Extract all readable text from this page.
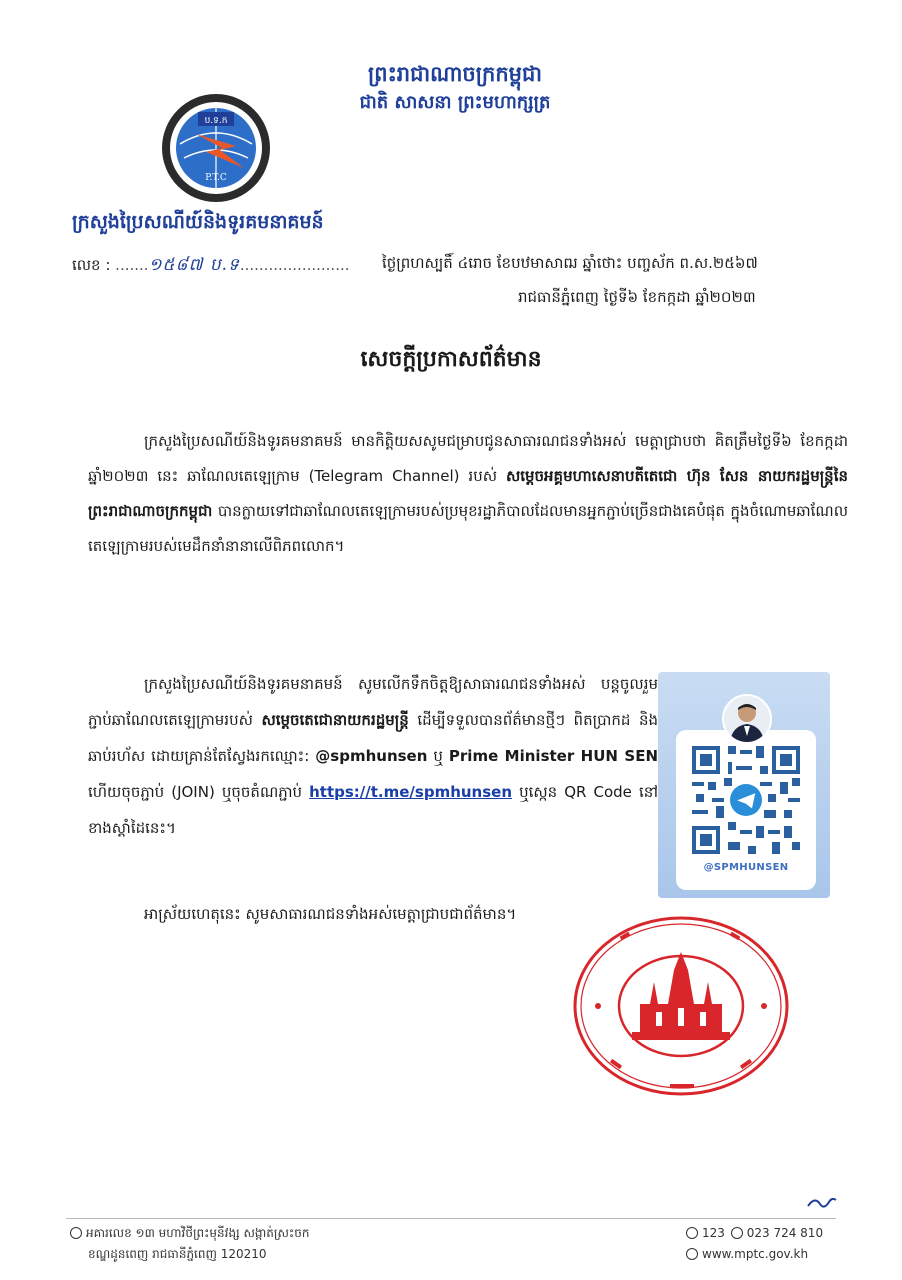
ព្រះរាជាណាចក្រកម្ពុជា
ជាតិ សាសនា ព្រះមហាក្សត្រ
ប.ទ.ក
P.T.C
ក្រសួងប្រៃសណីយ៍និងទូរគមនាគមន៍
លេខ : .......១៥៨៧ ប.ទ....................... ថ្ងៃព្រហស្បតិ៍ ៤រោច ខែបឋមាសាឍ ឆ្នាំថោះ បញ្ចស័ក ព.ស.២៥៦៧
រាជធានីភ្នំពេញ ថ្ងៃទី៦ ខែកក្កដា ឆ្នាំ២០២៣
សេចក្តីប្រកាសព័ត៌មាន
ក្រសួងប្រៃសណីយ៍និងទូរគមនាគមន៍ មានកិត្តិយសសូមជម្រាបជូនសាធារណជនទាំងអស់ មេត្តាជ្រាបថា គិតត្រឹមថ្ងៃទី៦ ខែកក្កដា ឆ្នាំ២០២៣ នេះ ឆាណែលតេឡេក្រាម (Telegram Channel) របស់ សម្តេចអគ្គមហាសេនាបតីតេជោ ហ៊ុន សែន នាយករដ្ឋមន្ត្រីនៃព្រះរាជាណាចក្រកម្ពុជា បានក្លាយទៅជាឆាណែលតេឡេក្រាមរបស់ប្រមុខរដ្ឋាភិបាលដែលមានអ្នកភ្ជាប់ច្រើនជាងគេបំផុត ក្នុងចំណោមឆាណែលតេឡេក្រាមរបស់មេដឹកនាំនានាលើពិភពលោក។
ក្រសួងប្រៃសណីយ៍និងទូរគមនាគមន៍ សូមលើកទឹកចិត្តឱ្យសាធារណជនទាំងអស់ បន្តចូលរួមភ្ជាប់ឆាណែលតេឡេក្រាមរបស់ សម្តេចតេជោនាយករដ្ឋមន្ត្រី ដើម្បីទទួលបានព័ត៌មានថ្មីៗ ពិតប្រាកដ និងឆាប់រហ័ស ដោយគ្រាន់តែស្វែងរកឈ្មោះ: @spmhunsen ឬ Prime Minister HUN SEN ហើយចុចភ្ជាប់ (JOIN) ឬចុចតំណភ្ជាប់ https://t.me/spmhunsen ឬស្កេន QR Code នៅខាងស្តាំដៃនេះ។
@SPMHUNSEN
អាស្រ័យហេតុនេះ សូមសាធារណជនទាំងអស់មេត្តាជ្រាបជាព័ត៌មាន។
អគារលេខ ១៣ មហាវិថីព្រះមុនីវង្ស សង្កាត់ស្រះចក
ខណ្ឌដូនពេញ រាជធានីភ្នំពេញ 120210
123 023 724 810
www.mptc.gov.kh
